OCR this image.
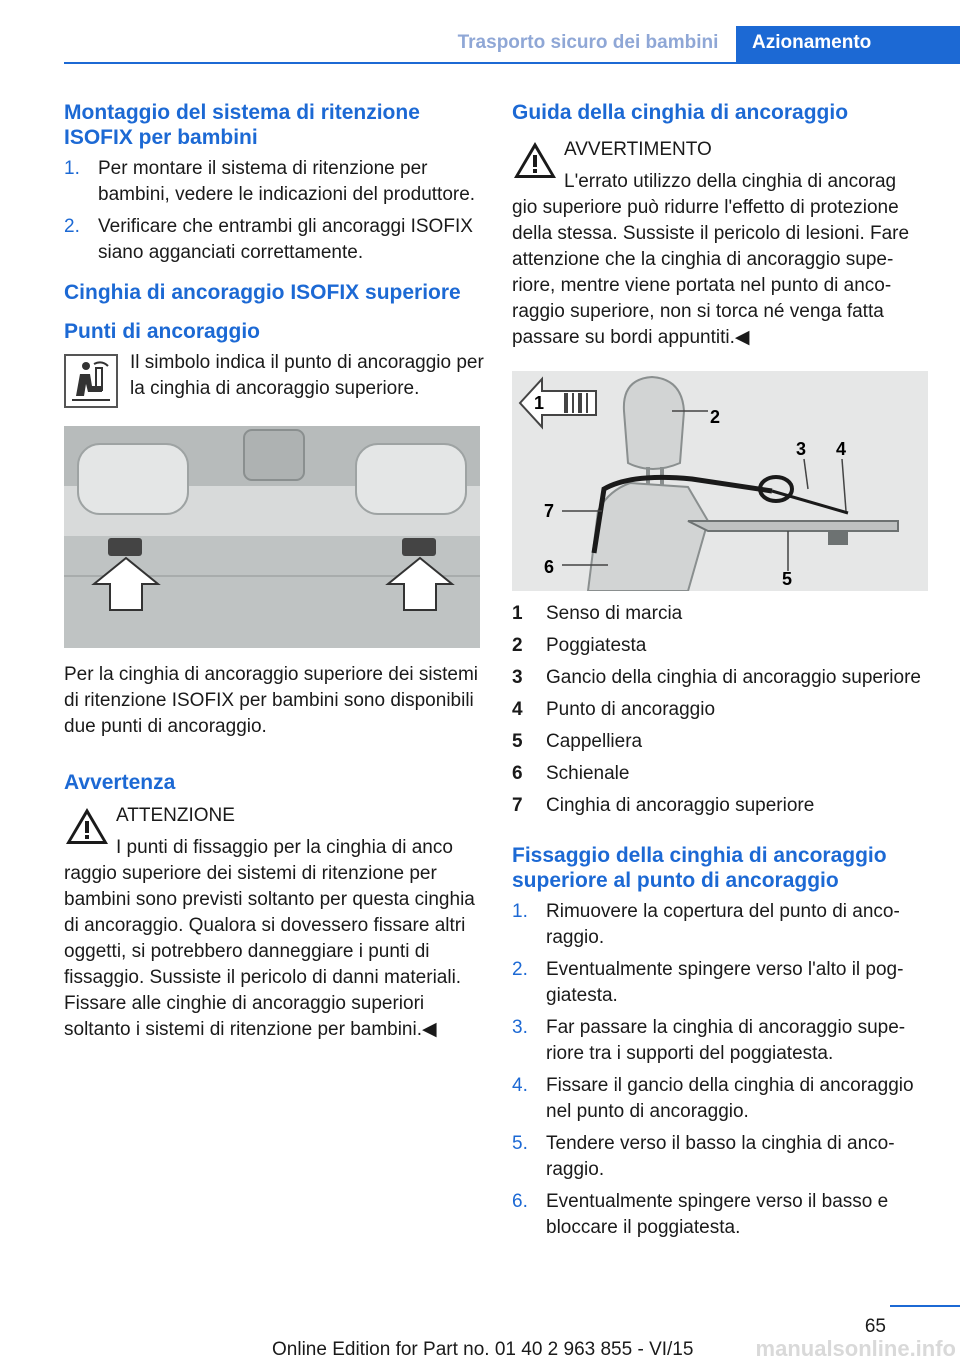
Trasporto sicuro dei bambini	Azionamento
Montaggio del sistema di ritenzione ISOFIX per bambini
1. Per montare il sistema di ritenzione per bambini, vedere le indicazioni del produttore.
2. Verificare che entrambi gli ancoraggi ISOFIX siano agganciati correttamente.
Cinghia di ancoraggio ISOFIX superiore
Punti di ancoraggio

Il simbolo indica il punto di ancoraggio per la cinghia di ancoraggio superiore.

Per la cinghia di ancoraggio superiore dei sistemi di ritenzione ISOFIX per bambini sono disponibili due punti di ancoraggio.

Avvertenza

ATTENZIONE

I punti di fissaggio per la cinghia di anco

raggio superiore dei sistemi di ritenzione per bambini sono previsti soltanto per questa cinghia di ancoraggio. Qualora si dovessero fissare altri oggetti, si potrebbero danneggiare i punti di fissaggio. Sussiste il pericolo di danni materiali. Fissare alle cinghie di ancoraggio superiori soltanto i sistemi di ritenzione per bambini.◀

Guida della cinghia di ancoraggio

AVVERTIMENTO

L'errato utilizzo della cinghia di ancorag

gio superiore può ridurre l'effetto di protezione della stessa. Sussiste il pericolo di lesioni. Fare attenzione che la cinghia di ancoraggio superiore, mentre viene portata nel punto di ancoraggio superiore, non si torca né venga fatta passare su bordi appuntiti.◀

1
2
3 4
5
6
7
1	Senso di marcia
2	Poggiatesta
3	Gancio della cinghia di ancoraggio superiore
4	Punto di ancoraggio
5	Cappelliera
6	Schienale
7	Cinghia di ancoraggio superiore
Fissaggio della cinghia di ancoraggio superiore al punto di ancoraggio
1. Rimuovere la copertura del punto di ancoraggio.
2. Eventualmente spingere verso l'alto il poggiatesta.
3. Far passare la cinghia di ancoraggio superiore tra i supporti del poggiatesta.
4. Fissare il gancio della cinghia di ancoraggio nel punto di ancoraggio.
5. Tendere verso il basso la cinghia di ancoraggio.
6. Eventualmente spingere verso il basso e bloccare il poggiatesta.
65
Online Edition for Part no. 01 40 2 963 855 - VI/15	manualsonline.info
